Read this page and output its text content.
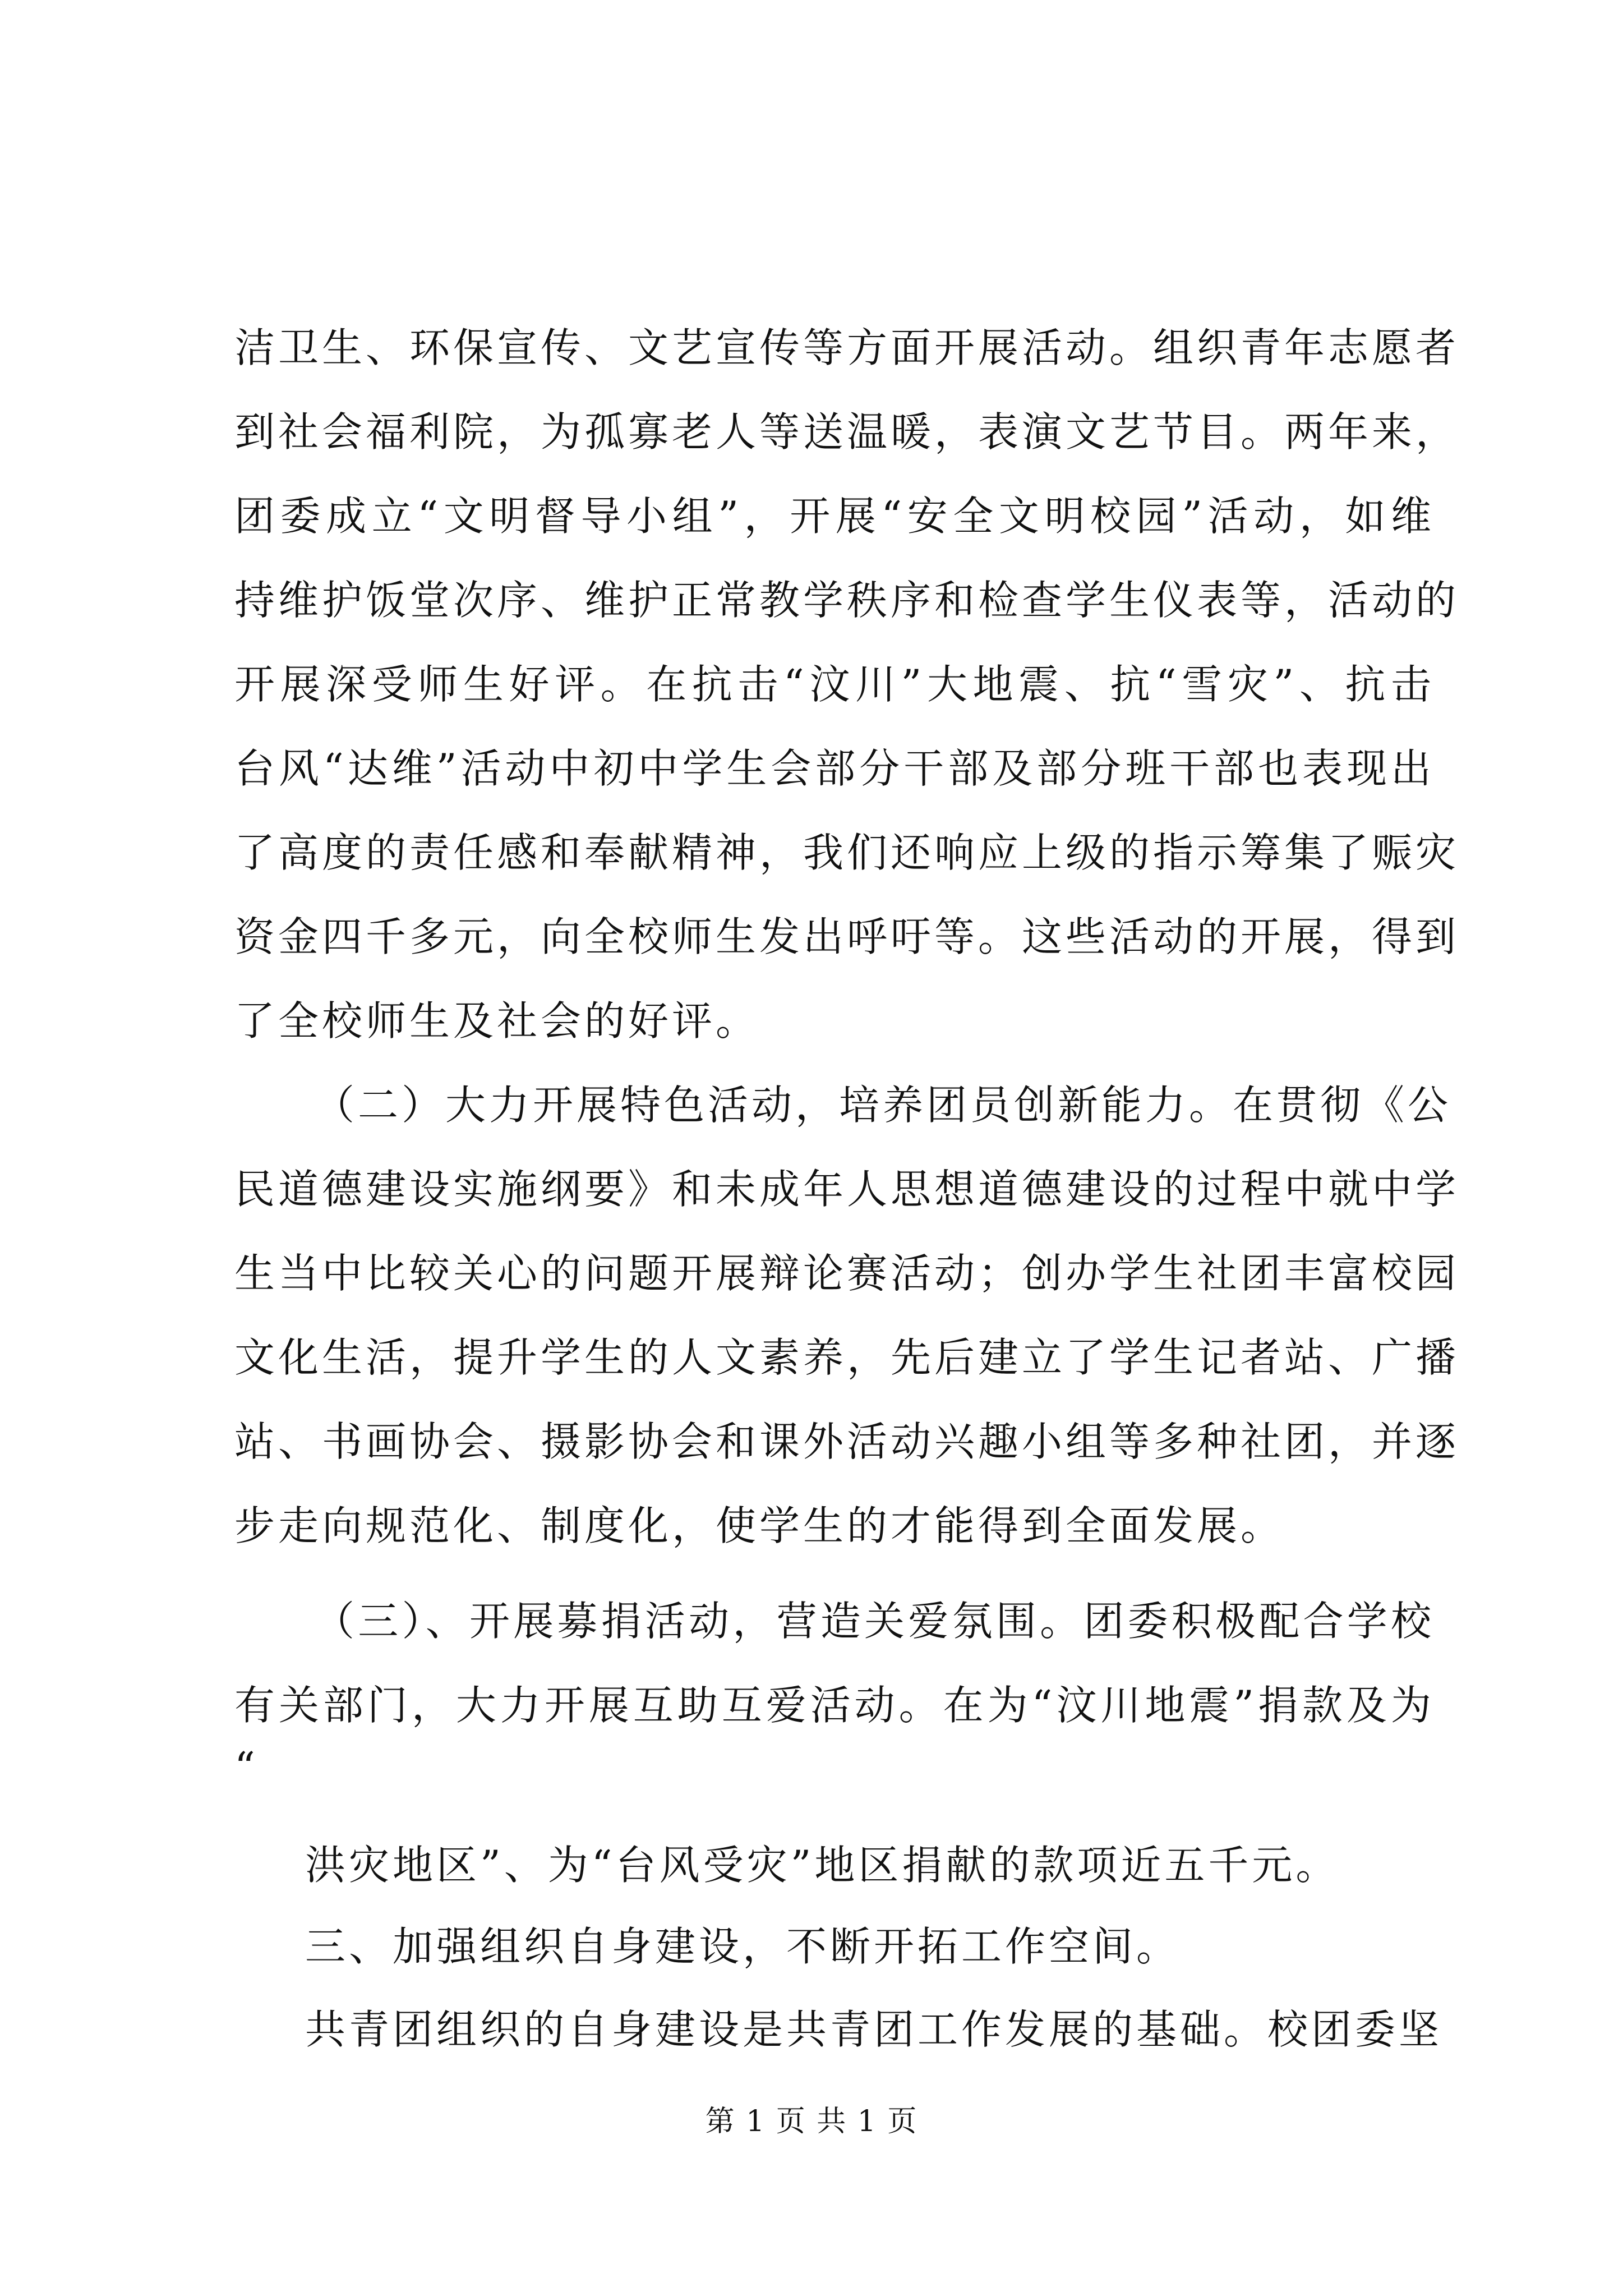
洁卫生、环保宣传、文艺宣传等方面开展活动。组织青年志愿者
到社会福利院，为孤寡老人等送温暖，表演文艺节目。两年来，
团委成立“文明督导小组”，开展“安全文明校园”活动，如维
持维护饭堂次序、维护正常教学秩序和检查学生仪表等，活动的
开展深受师生好评。在抗击“汶川”大地震、抗“雪灾”、抗击
台风“达维”活动中初中学生会部分干部及部分班干部也表现出
了高度的责任感和奉献精神，我们还响应上级的指示筹集了赈灾
资金四千多元，向全校师生发出呼吁等。这些活动的开展，得到
了全校师生及社会的好评。
（二）大力开展特色活动，培养团员创新能力。在贯彻《公
民道德建设实施纲要》和未成年人思想道德建设的过程中就中学
生当中比较关心的问题开展辩论赛活动；创办学生社团丰富校园
文化生活，提升学生的人文素养，先后建立了学生记者站、广播
站、书画协会、摄影协会和课外活动兴趣小组等多种社团，并逐
步走向规范化、制度化，使学生的才能得到全面发展。
（三）、开展募捐活动，营造关爱氛围。团委积极配合学校
有关部门，大力开展互助互爱活动。在为“汶川地震”捐款及为
“
洪灾地区”、为“台风受灾”地区捐献的款项近五千元。
三、加强组织自身建设，不断开拓工作空间。
共青团组织的自身建设是共青团工作发展的基础。校团委坚
第 1 页 共 1 页
